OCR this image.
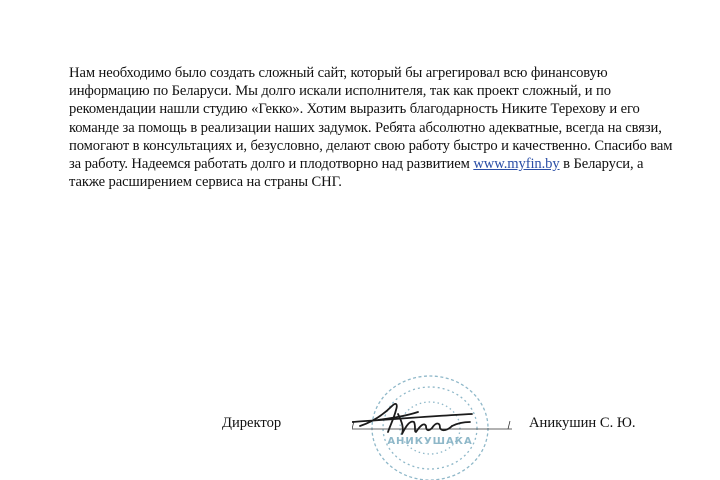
Нам необходимо было создать сложный сайт, который бы агрегировал всю финансовую
информацию по Беларуси. Мы долго искали исполнителя, так как проект сложный, и по
рекомендации нашли студию «Гекко». Хотим выразить благодарность Никите Терехову и его
команде за помощь в реализации наших задумок. Ребята абсолютно адекватные, всегда на связи,
помогают в консультациях и, безусловно, делают свою работу быстро и качественно. Спасибо вам
за работу. Надеемся работать долго и плодотворно над развитием www.myfin.by в Беларуси, а
также расширением сервиса на страны СНГ.
АНИКУШАКА
Директор	Аникушин С. Ю.
